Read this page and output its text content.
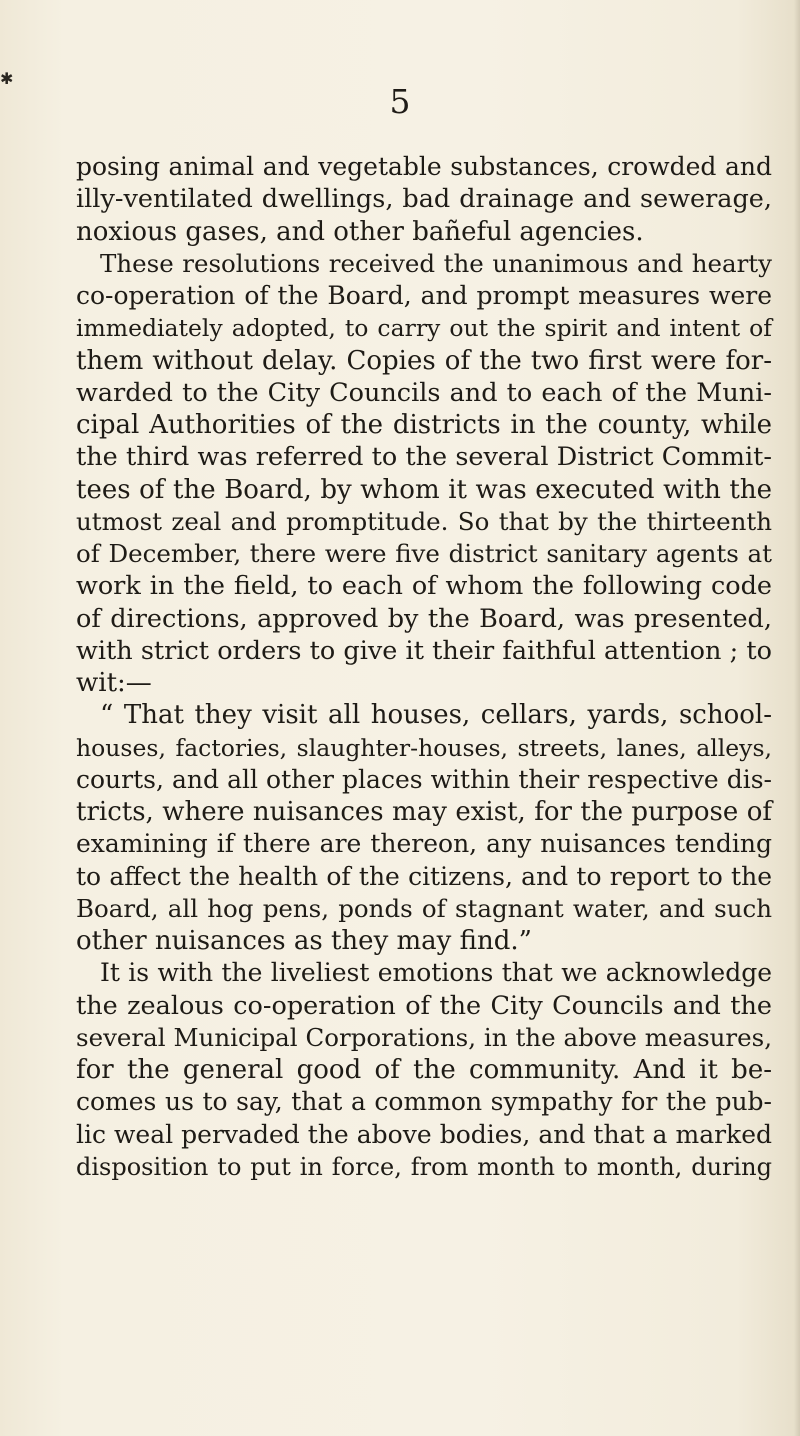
✱
5
posing animal and vegetable substances, crowded and
illy-ventilated dwellings, bad drainage and sewerage,
noxious gases, and other bañeful agencies.
These resolutions received the unanimous and hearty
co-operation of the Board, and prompt measures were
immediately adopted, to carry out the spirit and intent of
them without delay. Copies of the two first were for-
warded to the City Councils and to each of the Muni-
cipal Authorities of the districts in the county, while
the third was referred to the several District Commit-
tees of the Board, by whom it was executed with the
utmost zeal and promptitude. So that by the thirteenth
of December, there were five district sanitary agents at
work in the field, to each of whom the following code
of directions, approved by the Board, was presented,
with strict orders to give it their faithful attention ; to
wit:—
“ That they visit all houses, cellars, yards, school-
houses, factories, slaughter-houses, streets, lanes, alleys,
courts, and all other places within their respective dis-
tricts, where nuisances may exist, for the purpose of
examining if there are thereon, any nuisances tending
to affect the health of the citizens, and to report to the
Board, all hog pens, ponds of stagnant water, and such
other nuisances as they may find.”
It is with the liveliest emotions that we acknowledge
the zealous co-operation of the City Councils and the
several Municipal Corporations, in the above measures,
for the general good of the community. And it be-
comes us to say, that a common sympathy for the pub-
lic weal pervaded the above bodies, and that a marked
disposition to put in force, from month to month, during
